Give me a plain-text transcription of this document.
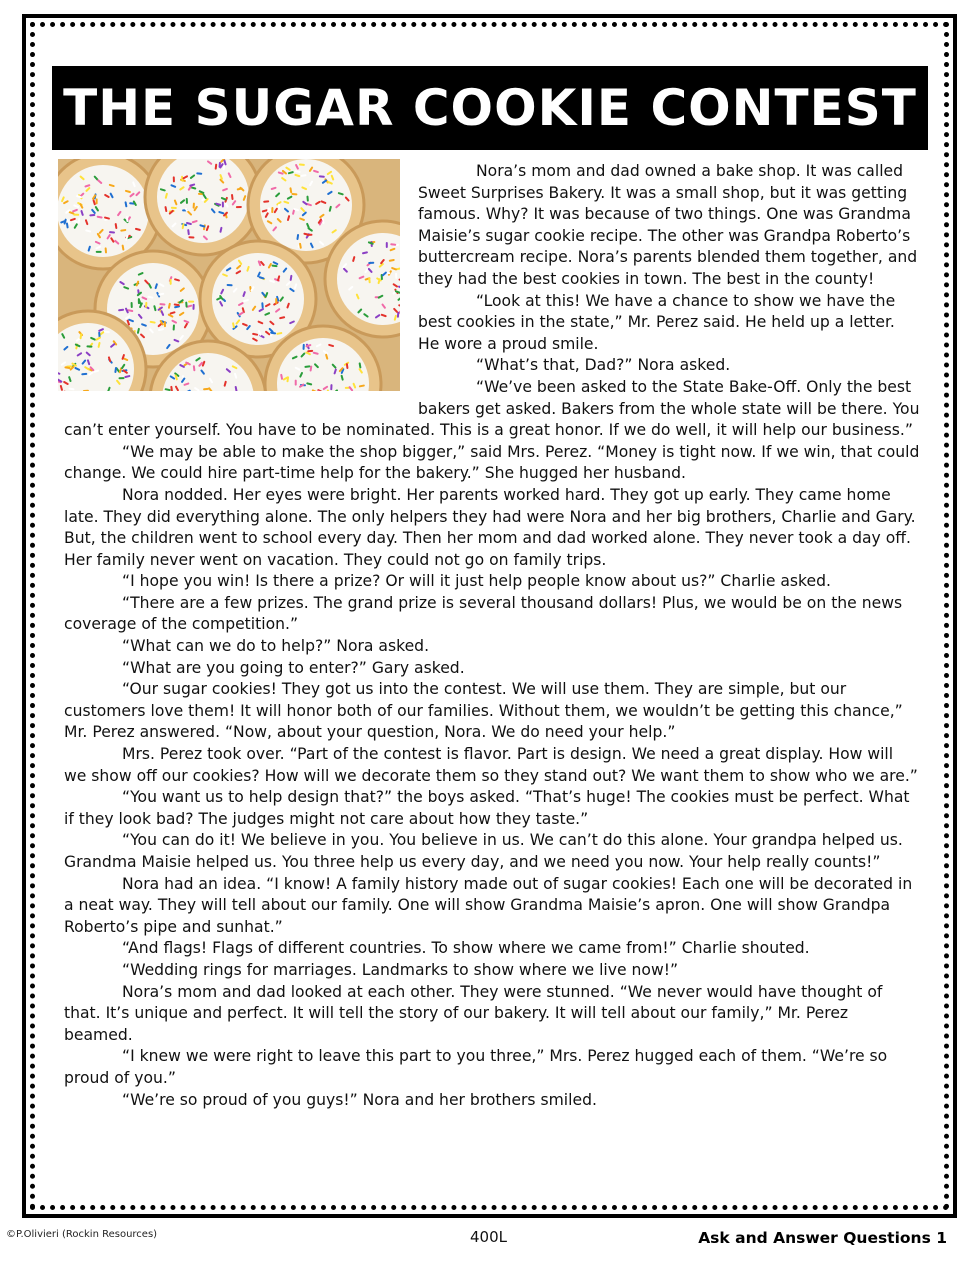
THE SUGAR COOKIE CONTEST

Nora’s mom and dad owned a bake shop. It was called Sweet Surprises Bakery. It was a small shop, but it was getting famous. Why? It was because of two things. One was Grandma Maisie’s sugar cookie recipe. The other was Grandpa Roberto’s buttercream recipe. Nora’s parents blended them together, and they had the best cookies in town. The best in the county!

“Look at this! We have a chance to show we have the best cookies in the state,” Mr. Perez said. He held up a letter. He wore a proud smile.

“What’s that, Dad?” Nora asked.

“We’ve been asked to the State Bake-Off. Only the best bakers get asked. Bakers from the whole state will be there. You can’t enter yourself. You have to be nominated. This is a great honor. If we do well, it will help our business.”

“We may be able to make the shop bigger,” said Mrs. Perez. “Money is tight now. If we win, that could change. We could hire part-time help for the bakery.” She hugged her husband.

Nora nodded. Her eyes were bright. Her parents worked hard. They got up early. They came home late. They did everything alone. The only helpers they had were Nora and her big brothers, Charlie and Gary. But, the children went to school every day. Then her mom and dad worked alone. They never took a day off. Her family never went on vacation. They could not go on family trips.

“I hope you win! Is there a prize? Or will it just help people know about us?” Charlie asked.

“There are a few prizes. The grand prize is several thousand dollars! Plus, we would be on the news coverage of the competition.”

“What can we do to help?” Nora asked.

“What are you going to enter?” Gary asked.

“Our sugar cookies! They got us into the contest. We will use them. They are simple, but our customers love them! It will honor both of our families. Without them, we wouldn’t be getting this chance,” Mr. Perez answered. “Now, about your question, Nora. We do need your help.”

Mrs. Perez took over. “Part of the contest is flavor. Part is design. We need a great display. How will we show off our cookies? How will we decorate them so they stand out? We want them to show who we are.”

“You want us to help design that?” the boys asked. “That’s huge! The cookies must be perfect. What if they look bad? The judges might not care about how they taste.”

“You can do it! We believe in you. You believe in us. We can’t do this alone. Your grandpa helped us. Grandma Maisie helped us. You three help us every day, and we need you now. Your help really counts!”

Nora had an idea. “I know! A family history made out of sugar cookies! Each one will be decorated in a neat way. They will tell about our family. One will show Grandma Maisie’s apron. One will show Grandpa Roberto’s pipe and sunhat.”

“And flags! Flags of different countries. To show where we came from!” Charlie shouted.

“Wedding rings for marriages. Landmarks to show where we live now!”

Nora’s mom and dad looked at each other. They were stunned. “We never would have thought of that. It’s unique and perfect. It will tell the story of our bakery. It will tell about our family,” Mr. Perez beamed.

“I knew we were right to leave this part to you three,” Mrs. Perez hugged each of them. “We’re so proud of you.”

“We’re so proud of you guys!” Nora and her brothers smiled.

©P.Olivieri (Rockin Resources)	400L	Ask and Answer Questions 1
